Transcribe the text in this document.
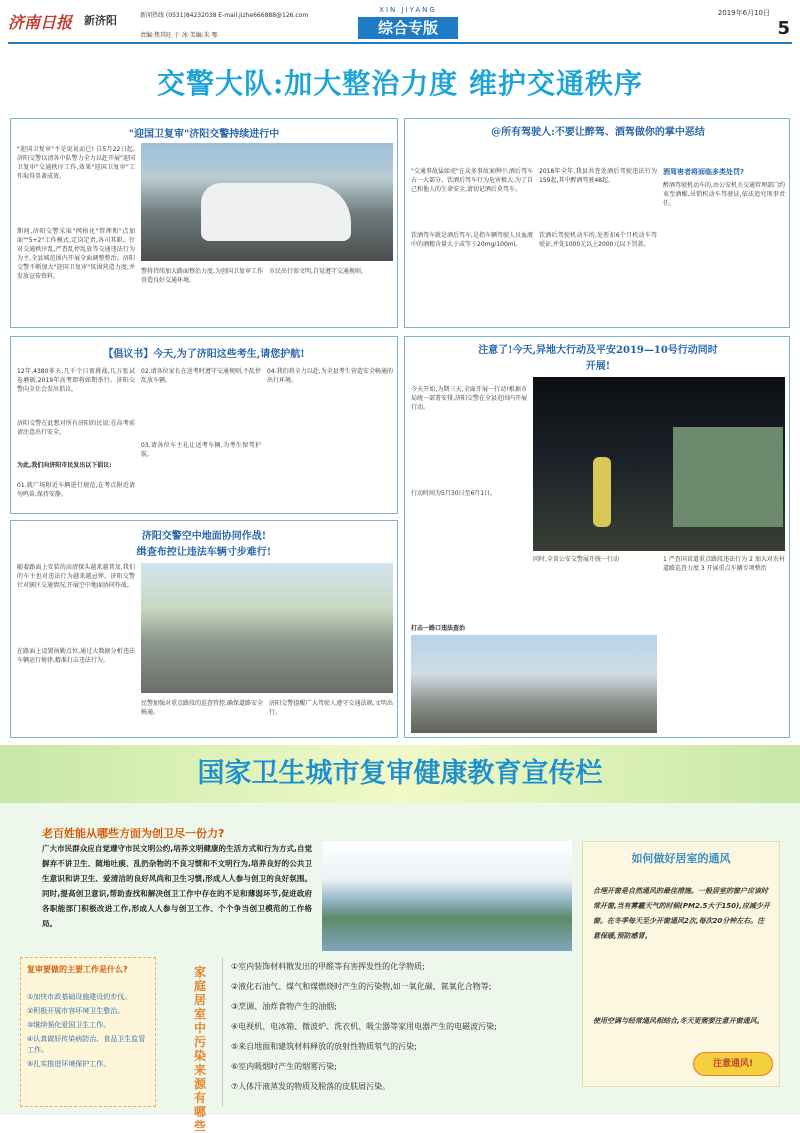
济南日报 新济阳	新闻热线 (0531)84232038 E-mail:jizhe666888@126.com
责编:焦其旺 于 冰 美编:朱 鄂
XIN JIYANG
综合专版
2019年6月10日
5
交警大队:加大整治力度 维护交通秩序
"迎国卫复审"济阳交警持续进行中
"迎国卫复审"不是说说而已! 自5月22日起,济阳交警以清各中队警力全力以赴开展"迎国卫复审"交通秩序工作,效果"迎国卫复审"工作取得显著成效。
期间,济阳交警采取"网格化"管理和"点加面""5+2"工作模式,定岗定责,各司其职。针对交通秩序乱,严查乱停乱放等交通违法行为为主,全县城范围内开展全面调整整治。济阳交警不断加大"迎国卫复审"氛围营造力度,并发放宣传资料。
警将持续加大路面整治力度,为创国卫复审工作营造良好交通环境。
市民出行需文明,自觉遵守交通规则。
@所有驾驶人:不要让醉驾、酒驾做你的掌中恶结
"交通事故猛如虎"在众多事故案例中,酒后驾车占一大部分。饮酒后驾车行为危害极大,为了自己和他人的生命安全,请切记酒后莫驾车。
饮酒驾车就是酒后驾车,是指车辆驾驶人员血液中的酒精含量大于或等于20mg/100ml。
2018年全年,我县共查处酒后驾驶违法行为159起,其中醉酒驾驶48起。
饮酒后驾驶机动车的,处暂扣6个月机动车驾驶证,并处1000元以上2000元以下罚款。
酒驾害者将面临多类处罚?
醉酒驾驶机动车的,由公安机关交通管理部门约束至酒醒,吊销机动车驾驶证,依法追究刑事责任。
【倡议书】今天,为了济阳这些考生,请您护航!
12年,4380多天,几千个日夜挑战,几万张试卷磨砺,2019年高考即将如期举行。济阳交警向全社会发出倡议。
济阳交警在此想对所有济阳的民说:在高考前请注意出行安全。
为此,我们向济阳市民发出以下倡议:
01.就广场附近车辆进行规范,在考点附近请勿鸣笛,保持安静。
02.请各位家长在送考时遵守交通规则,不乱停乱放车辆。
03.请各位车主礼让送考车辆,为考生保驾护航。
04.我们将全力以赴,为全县考生营造安全畅通的出行环境。
注意了!今天,异地大行动及平安2019—10号行动同时开展!
今天开始,为期三天,全面开展一行动!根据市局统一部署安排,济阳交警在全县范围内开展行动。
行动时间为5月30日至6月1日。
同时,全省公安交警展开统一行动	1 严查国省道重点路段违法行为 2 加大对农村道路巡查力度 3 开展重点车辆专项整治
打击一路口违法查治
济阳交警空中地面协同作战!
缉查布控让违法车辆寸步难行!
随着路面上安装的高清探头越来越普及,我们的车主也对违法行为越来越忌惮。济阳交警针对辖区交通情况,开展空中地面协同作战。
在路面上设置执勤点位,通过大数据分析违法车辆运行规律,精准打击违法行为。
民警加强对重点路段的巡查管控,确保道路安全畅通。
济阳交警提醒广大驾驶人遵守交通法规,文明出行。
国家卫生城市复审健康教育宣传栏
老百姓能从哪些方面为创卫尽一份力?
广大市民群众应自觉遵守市民文明公约,培养文明健康的生活方式和行为方式,自觉摒弃不讲卫生、随地吐痰、乱扔杂物的不良习惯和不文明行为,培养良好的公共卫生意识和讲卫生、爱清洁的良好风尚和卫生习惯,形成人人参与创卫的良好氛围。同时,提高创卫意识,帮助查找和解决创卫工作中存在的不足和薄弱环节,促进政府各职能部门积极改进工作,形成人人参与创卫工作、个个争当创卫模范的工作格局。
如何做好居室的通风
合理开窗是自然通风的最佳措施。一般居室的窗户应该时常开窗,当有雾霾天气的时候(PM2.5大于150),应减少开窗。在冬季每天至少开窗通风2次,每次20分钟左右。注意保暖,预防感冒。
使用空调与经常通风相结合,冬天更需要注意开窗通风。
注意通风!
复审要做的主要工作是什么?
①加快市政基础设施建设的步伐。
②积极开展市容环境卫生整治。
③继续强化爱国卫生工作。
④认真做好传染病防治、食品卫生监管工作。
⑤扎实推进环境保护工作。
家庭居室中污染来源有哪些
①室内装饰材料散发出的甲醛等有害挥发性的化学物质;
②液化石油气、煤气和煤燃烧时产生的污染物,如一氧化碳、氮氧化合物等;
③烹调、油炸食物产生的油烟;
④电视机、电冰箱、微波炉、洗衣机、吸尘器等家用电器产生的电磁波污染;
⑤来自地面和建筑材料释放的放射性物质氡气的污染;
⑥室内吸烟时产生的烟雾污染;
⑦人体汗液蒸发的物质及脱落的皮肤屑污染。
